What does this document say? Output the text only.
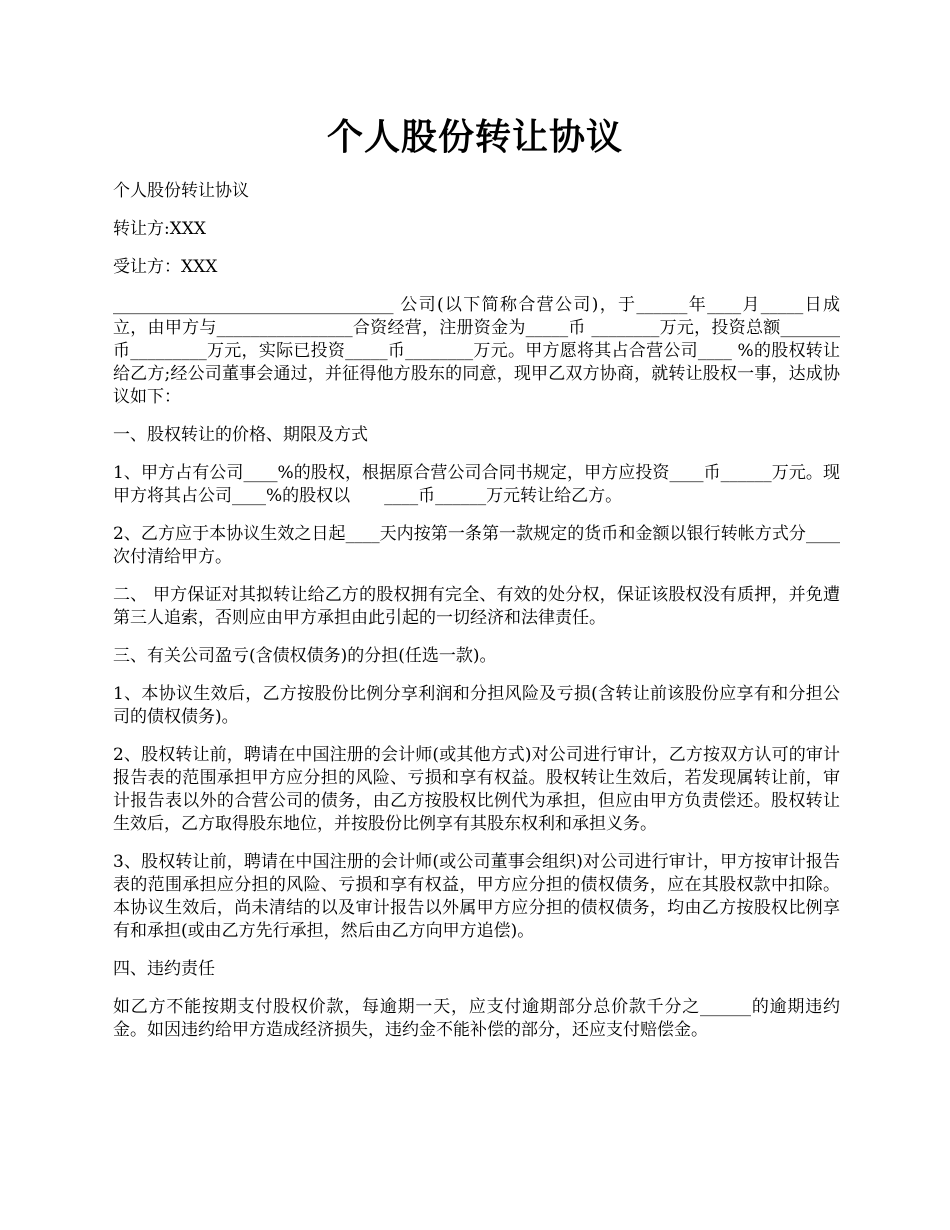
个人股份转让协议

个人股份转让协议

转让方:XXX

受让方：XXX

_________________________________ 公司(以下简称合营公司)，于______年____月_____日成立，由甲方与________________合资经营，注册资金为_____币 ________万元，投资总额_______币_________万元，实际已投资_____币________万元。甲方愿将其占合营公司____ %的股权转让给乙方;经公司董事会通过，并征得他方股东的同意，现甲乙双方协商，就转让股权一事，达成协议如下：

一、股权转让的价格、期限及方式

1、甲方占有公司____%的股权，根据原合营公司合同书规定，甲方应投资____币______万元。现甲方将其占公司____%的股权以　　____币______万元转让给乙方。

2、乙方应于本协议生效之日起____天内按第一条第一款规定的货币和金额以银行转帐方式分____次付清给甲方。

二、 甲方保证对其拟转让给乙方的股权拥有完全、有效的处分权，保证该股权没有质押，并免遭第三人追索，否则应由甲方承担由此引起的一切经济和法律责任。

三、有关公司盈亏(含债权债务)的分担(任选一款)。

1、本协议生效后，乙方按股份比例分享利润和分担风险及亏损(含转让前该股份应享有和分担公司的债权债务)。

2、股权转让前，聘请在中国注册的会计师(或其他方式)对公司进行审计，乙方按双方认可的审计报告表的范围承担甲方应分担的风险、亏损和享有权益。股权转让生效后，若发现属转让前，审计报告表以外的合营公司的债务，由乙方按股权比例代为承担，但应由甲方负责偿还。股权转让生效后，乙方取得股东地位，并按股份比例享有其股东权利和承担义务。

3、股权转让前，聘请在中国注册的会计师(或公司董事会组织)对公司进行审计，甲方按审计报告表的范围承担应分担的风险、亏损和享有权益，甲方应分担的债权债务，应在其股权款中扣除。本协议生效后，尚未清结的以及审计报告以外属甲方应分担的债权债务，均由乙方按股权比例享有和承担(或由乙方先行承担，然后由乙方向甲方追偿)。

四、违约责任

如乙方不能按期支付股权价款，每逾期一天，应支付逾期部分总价款千分之______的逾期违约金。如因违约给甲方造成经济损失，违约金不能补偿的部分，还应支付赔偿金。
